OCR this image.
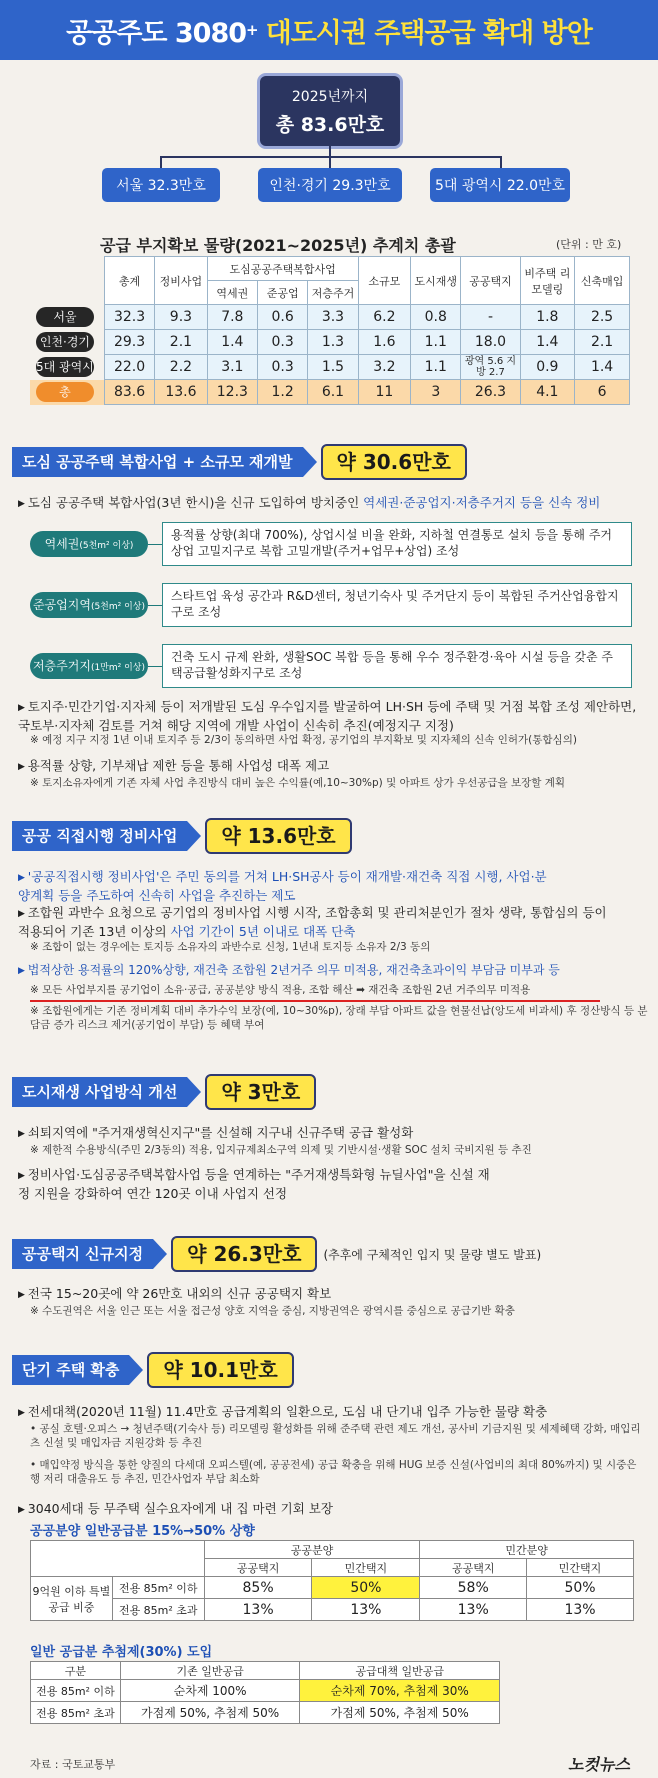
공공주도 3080 + 대도시권 주택공급 확대 방안
2025년까지
총 83.6만호
서울 32.3만호	인천·경기 29.3만호	5대 광역시 22.0만호
공급 부지확보 물량(2021~2025년) 추계치 총괄	(단위 : 만 호)
	총계	정비사업	도심공공주택복합사업			소규모	도시재생	공공택지	비주택 리모델링	신축매입
			역세권	준공업	저층주거					
서울	32.3	9.3	7.8	0.6	3.3	6.2	0.8	-	1.8	2.5
인천·경기	29.3	2.1	1.4	0.3	1.3	1.6	1.1	18.0	1.4	2.1
5대 광역시	22.0	2.2	3.1	0.3	1.5	3.2	1.1	광역 5.6 지방 2.7	0.9	1.4
총	83.6	13.6	12.3	1.2	6.1	11	3	26.3	4.1	6
도심 공공주택 복합사업 + 소규모 재개발	약 30.6만호
▶ 도심 공공주택 복합사업(3년 한시)을 신규 도입하여 방치중인 역세권·준공업지·저층주거지 등을 신속 정비
역세권(5천m² 이상)
용적률 상향(최대 700%), 상업시설 비율 완화, 지하철 연결통로 설치 등을 통해 주거상업 고밀지구로 복합 고밀개발(주거+업무+상업) 조성
준공업지역(5천m² 이상)
스타트업 육성 공간과 R&D센터, 청년기숙사 및 주거단지 등이 복합된 주거산업융합지구로 조성
저층주거지(1만m² 이상)
건축 도시 규제 완화, 생활SOC 복합 등을 통해 우수 정주환경·육아 시설 등을 갖춘 주택공급활성화지구로 조성
▶ 토지주·민간기업·지자체 등이 저개발된 도심 우수입지를 발굴하여 LH·SH 등에 주택 및 거점 복합 조성 제안하면, 국토부·지자체 검토를 거쳐 해당 지역에 개발 사업이 신속히 추진(예정지구 지정)
※ 예정 지구 지정 1년 이내 토지주 등 2/3이 동의하면 사업 확정, 공기업의 부지확보 및 지자체의 신속 인허가(통합심의)
▶ 용적률 상향, 기부채납 제한 등을 통해 사업성 대폭 제고
※ 토지소유자에게 기존 자체 사업 추진방식 대비 높은 수익률(예,10~30%p) 및 아파트 상가 우선공급을 보장할 계획
공공 직접시행 정비사업	약 13.6만호
▶ '공공직접시행 정비사업'은 주민 동의를 거쳐 LH·SH공사 등이 재개발·재건축 직접 시행, 사업·분양계획 등을 주도하여 신속히 사업을 추진하는 제도
▶ 조합원 과반수 요청으로 공기업의 정비사업 시행 시작, 조합총회 및 관리처분인가 절차 생략, 통합심의 등이 적용되어 기존 13년 이상의 사업 기간이 5년 이내로 대폭 단축
※ 조합이 없는 경우에는 토지등 소유자의 과반수로 신청, 1년내 토지등 소유자 2/3 동의
▶ 법적상한 용적률의 120%상향, 재건축 조합원 2년거주 의무 미적용, 재건축초과이익 부담금 미부과 등
※ 모든 사업부지를 공기업이 소유·공급, 공공분양 방식 적용, 조합 해산 ➡ 재건축 조합원 2년 거주의무 미적용
※ 조합원에게는 기존 정비계획 대비 추가수익 보장(예, 10~30%p), 장래 부담 아파트 값을 현물선납(앙도세 비과세) 후 정산방식 등 분담금 증가 리스크 제거(공기업이 부담) 등 혜택 부여
도시재생 사업방식 개선	약 3만호
▶ 쇠퇴지역에 "주거재생혁신지구"를 신설해 지구내 신규주택 공급 활성화
※ 제한적 수용방식(주민 2/3동의) 적용, 입지규제최소구역 의제 및 기반시설·생활 SOC 설치 국비지원 등 추진
▶ 정비사업·도심공공주택복합사업 등을 연계하는 "주거재생특화형 뉴딜사업"을 신설 재정 지원을 강화하여 연간 120곳 이내 사업지 선정
공공택지 신규지정	약 26.3만호	(추후에 구체적인 입지 및 물량 별도 발표)
▶ 전국 15~20곳에 약 26만호 내외의 신규 공공택지 확보
※ 수도권역은 서울 인근 또는 서울 접근성 양호 지역을 중심, 지방권역은 광역시를 중심으로 공급기반 확충
단기 주택 확충	약 10.1만호
▶ 전세대책(2020년 11월) 11.4만호 공급계획의 일환으로, 도심 내 단기내 입주 가능한 물량 확충
• 공실 호텔·오피스 → 청년주택(기숙사 등) 리모델링 활성화를 위해 준주택 관련 제도 개선, 공사비 기금지원 및 세제혜택 강화, 매입리츠 신설 및 매입자금 지원강화 등 추진
• 매입약정 방식을 통한 양질의 다세대 오피스텔(예, 공공전세) 공급 확충을 위해 HUG 보증 신설(사업비의 최대 80%까지) 및 시중은행 저리 대출유도 등 추진, 민간사업자 부담 최소화
▶ 3040세대 등 무주택 실수요자에게 내 집 마련 기회 보장
공공분양 일반공급분 15%→50% 상향
		공공분양		민간분양	
		공공택지	민간택지	공공택지	민간택지
9억원 이하 특별공급 비중	전용 85m² 이하	85%	50%	58%	50%
	전용 85m² 초과	13%	13%	13%	13%
일반 공급분 추첨제(30%) 도입
구분	기존 일반공급	공급대책 일반공급
전용 85m² 이하	순차제 100%	순차제 70%, 추첨제 30%
전용 85m² 초과	가점제 50%, 추첨제 50%	가점제 50%, 추첨제 50%
자료 : 국토교통부	노컷뉴스
